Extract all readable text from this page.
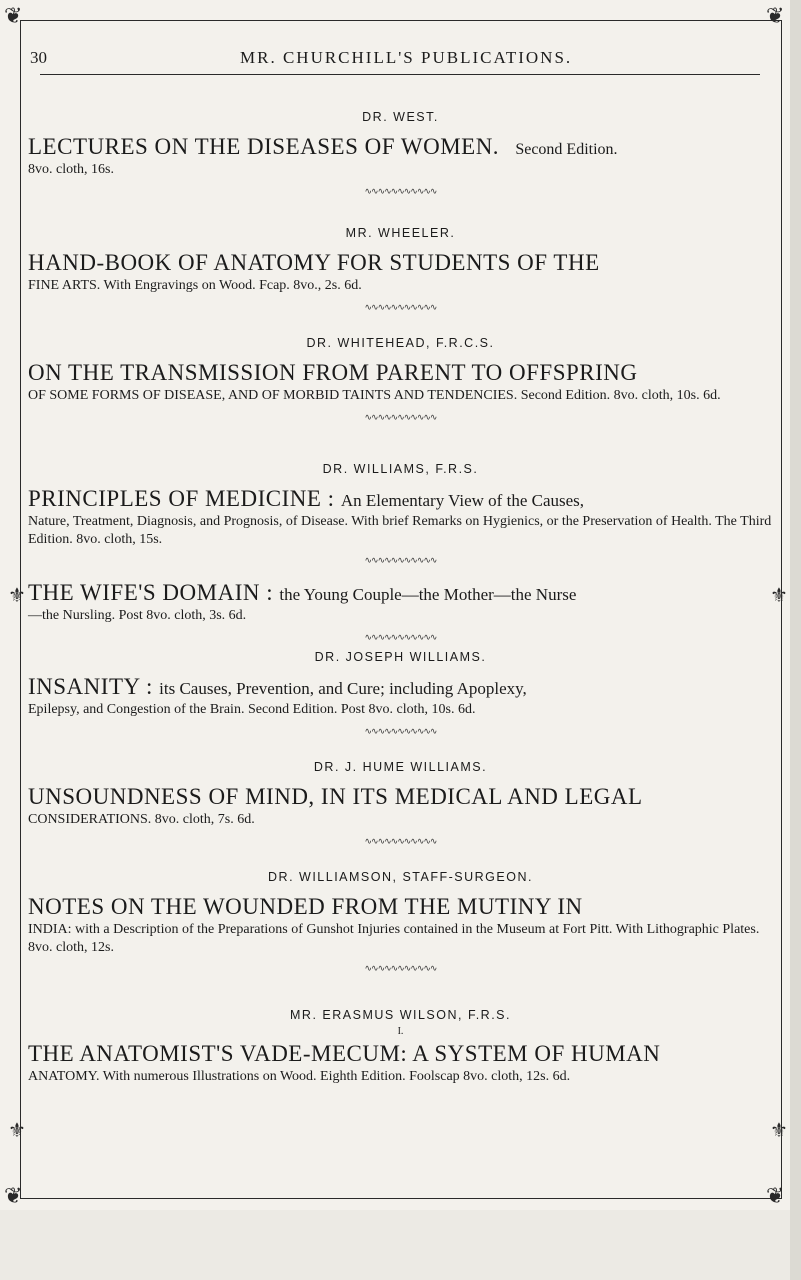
❦	❦
❦	❦
⚜	⚜
⚜	⚜
30	MR. CHURCHILL'S PUBLICATIONS.
DR. WEST.
LECTURES ON THE DISEASES OF WOMEN. Second Edition.
8vo. cloth, 16s.
∿∿∿∿∿∿∿∿∿∿∿
MR. WHEELER.
HAND-BOOK OF ANATOMY FOR STUDENTS OF THE
FINE ARTS. With Engravings on Wood. Fcap. 8vo., 2s. 6d.
∿∿∿∿∿∿∿∿∿∿∿
DR. WHITEHEAD, F.R.C.S.
ON THE TRANSMISSION FROM PARENT TO OFFSPRING
OF SOME FORMS OF DISEASE, AND OF MORBID TAINTS AND TENDENCIES. Second Edition. 8vo. cloth, 10s. 6d.
∿∿∿∿∿∿∿∿∿∿∿
DR. WILLIAMS, F.R.S.
PRINCIPLES OF MEDICINE : An Elementary View of the Causes,
Nature, Treatment, Diagnosis, and Prognosis, of Disease. With brief Remarks on Hygienics, or the Preservation of Health. The Third Edition. 8vo. cloth, 15s.
∿∿∿∿∿∿∿∿∿∿∿
THE WIFE'S DOMAIN : the Young Couple—the Mother—the Nurse
—the Nursling. Post 8vo. cloth, 3s. 6d.
∿∿∿∿∿∿∿∿∿∿∿
DR. JOSEPH WILLIAMS.
INSANITY : its Causes, Prevention, and Cure; including Apoplexy,
Epilepsy, and Congestion of the Brain. Second Edition. Post 8vo. cloth, 10s. 6d.
∿∿∿∿∿∿∿∿∿∿∿
DR. J. HUME WILLIAMS.
UNSOUNDNESS OF MIND, IN ITS MEDICAL AND LEGAL
CONSIDERATIONS. 8vo. cloth, 7s. 6d.
∿∿∿∿∿∿∿∿∿∿∿
DR. WILLIAMSON, STAFF-SURGEON.
NOTES ON THE WOUNDED FROM THE MUTINY IN
INDIA: with a Description of the Preparations of Gunshot Injuries contained in the Museum at Fort Pitt. With Lithographic Plates. 8vo. cloth, 12s.
∿∿∿∿∿∿∿∿∿∿∿
MR. ERASMUS WILSON, F.R.S.
I.
THE ANATOMIST'S VADE-MECUM: A SYSTEM OF HUMAN
ANATOMY. With numerous Illustrations on Wood. Eighth Edition. Foolscap 8vo. cloth, 12s. 6d.
